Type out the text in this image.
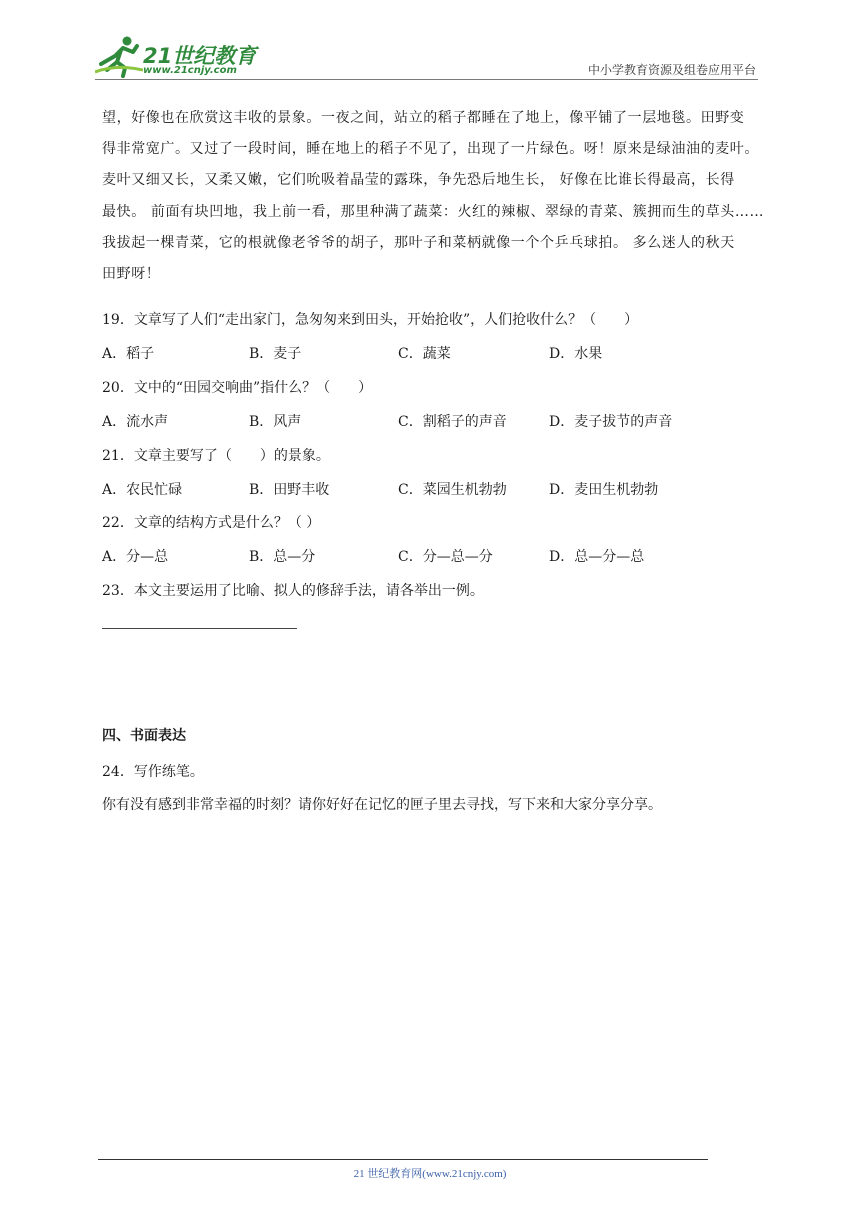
21世纪教育
www.21cnjy.com	中小学教育资源及组卷应用平台
望，好像也在欣赏这丰收的景象。一夜之间，站立的稻子都睡在了地上，像平铺了一层地毯。田野变
得非常宽广。又过了一段时间，睡在地上的稻子不见了，出现了一片绿色。呀！原来是绿油油的麦叶。
麦叶又细又长，又柔又嫩，它们吮吸着晶莹的露珠，争先恐后地生长， 好像在比谁长得最高，长得
最快。 前面有块凹地，我上前一看，那里种满了蔬菜：火红的辣椒、翠绿的青菜、簇拥而生的草头……
我拔起一棵青菜，它的根就像老爷爷的胡子，那叶子和菜柄就像一个个乒乓球拍。 多么迷人的秋天
田野呀！
19．文章写了人们“走出家门，急匆匆来到田头，开始抢收”，人们抢收什么？（　　）
A．稻子	B．麦子	C．蔬菜	D．水果
20．文中的“田园交响曲”指什么？（　　）
A．流水声	B．风声	C．割稻子的声音	D．麦子拔节的声音
21．文章主要写了（　　）的景象。
A．农民忙碌	B．田野丰收	C．菜园生机勃勃	D．麦田生机勃勃
22．文章的结构方式是什么？（ ）
A．分—总	B．总—分	C．分—总—分	D．总—分—总
23．本文主要运用了比喻、拟人的修辞手法，请各举出一例。
四、书面表达
24．写作练笔。
你有没有感到非常幸福的时刻？请你好好在记忆的匣子里去寻找，写下来和大家分享分享。
21 世纪教育网(www.21cnjy.com)
